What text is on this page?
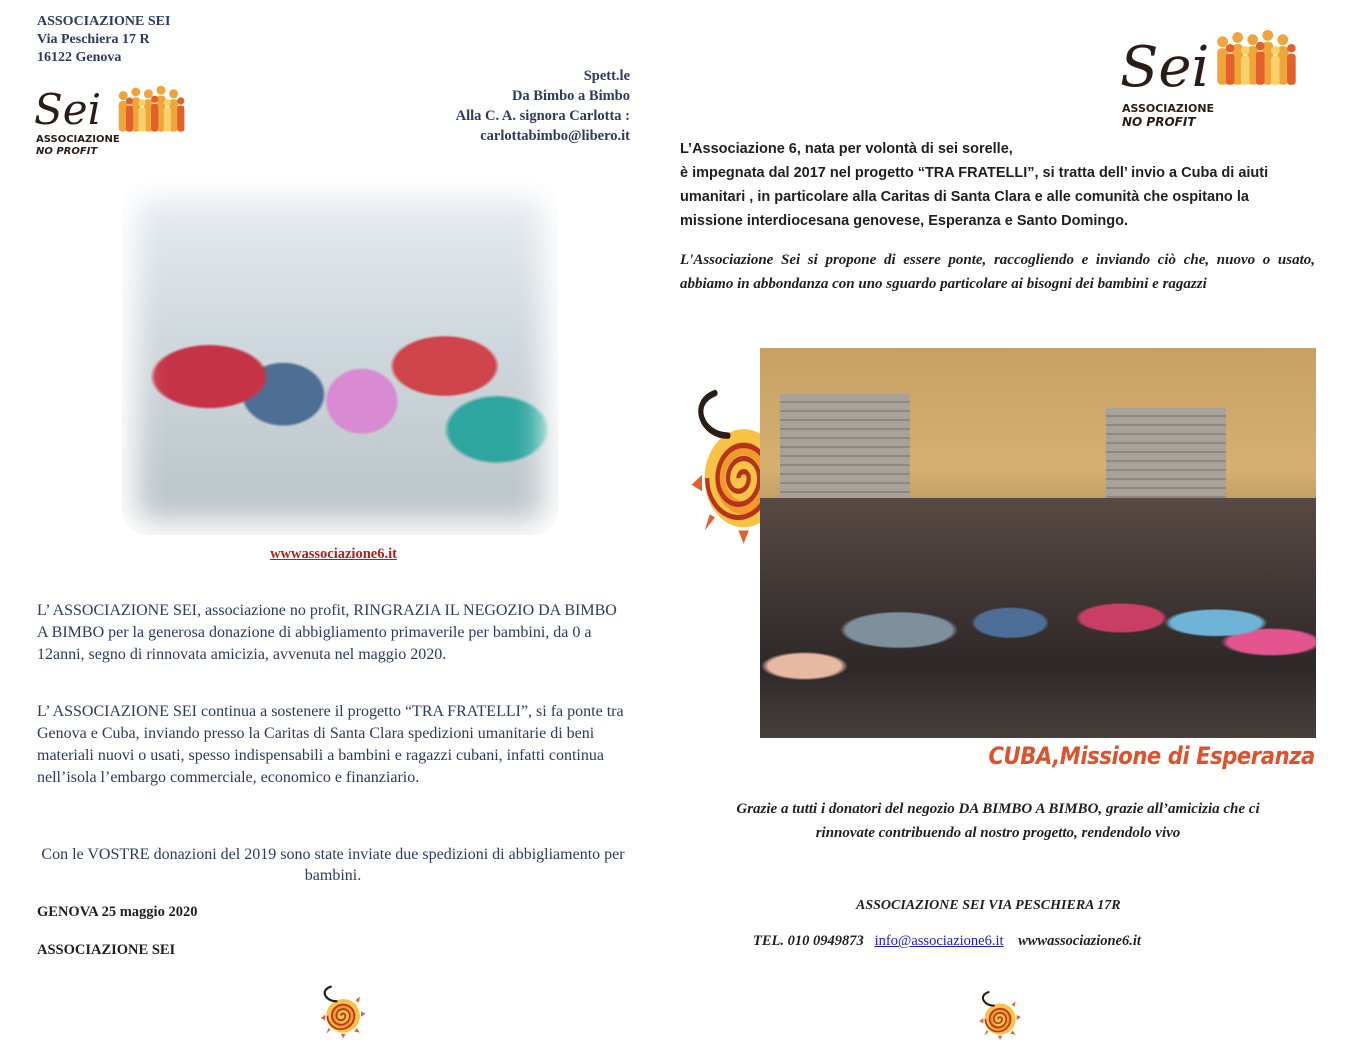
ASSOCIAZIONE SEI
Via Peschiera 17 R
16122 Genova
Spett.le
Da Bimbo a Bimbo
Alla C. A. signora Carlotta :
carlottabimbo@libero.it
Sei
ASSOCIAZIONE
NO PROFIT
wwwassociazione6.it

L’ ASSOCIAZIONE SEI, associazione no profit, RINGRAZIA IL NEGOZIO DA BIMBO A BIMBO per la generosa donazione di abbigliamento primaverile per bambini, da 0 a 12anni, segno di rinnovata amicizia, avvenuta nel maggio 2020.

L’ ASSOCIAZIONE SEI continua a sostenere il progetto “TRA FRATELLI”, si fa ponte tra Genova e Cuba, inviando presso la Caritas di Santa Clara spedizioni umanitarie di beni materiali nuovi o usati, spesso indispensabili a bambini e ragazzi cubani, infatti continua nell’isola l’embargo commerciale, economico e finanziario.

Con le VOSTRE donazioni del 2019 sono state inviate due spedizioni di abbigliamento per bambini.
GENOVA 25 maggio 2020
ASSOCIAZIONE SEI
Sei
ASSOCIAZIONE
NO PROFIT

L’Associazione 6, nata per volontà di sei sorelle,

è impegnata dal 2017 nel progetto “TRA FRATELLI”, si tratta dell’ invio a Cuba di aiuti

umanitari , in particolare alla Caritas di Santa Clara e alle comunità che ospitano la

missione interdiocesana genovese, Esperanza e Santo Domingo.

L'Associazione Sei si propone di essere ponte, raccogliendo e inviando ciò che, nuovo o usato, abbiamo in abbondanza con uno sguardo particolare ai bisogni dei bambini e ragazzi
CUBA,Missione di Esperanza
Grazie a tutti i donatori del negozio DA BIMBO A BIMBO, grazie all’amicizia che ci
rinnovate contribuendo al nostro progetto, rendendolo vivo
ASSOCIAZIONE SEI VIA PESCHIERA 17R
TEL. 010 0949873 info@associazione6.it wwwassociazione6.it
